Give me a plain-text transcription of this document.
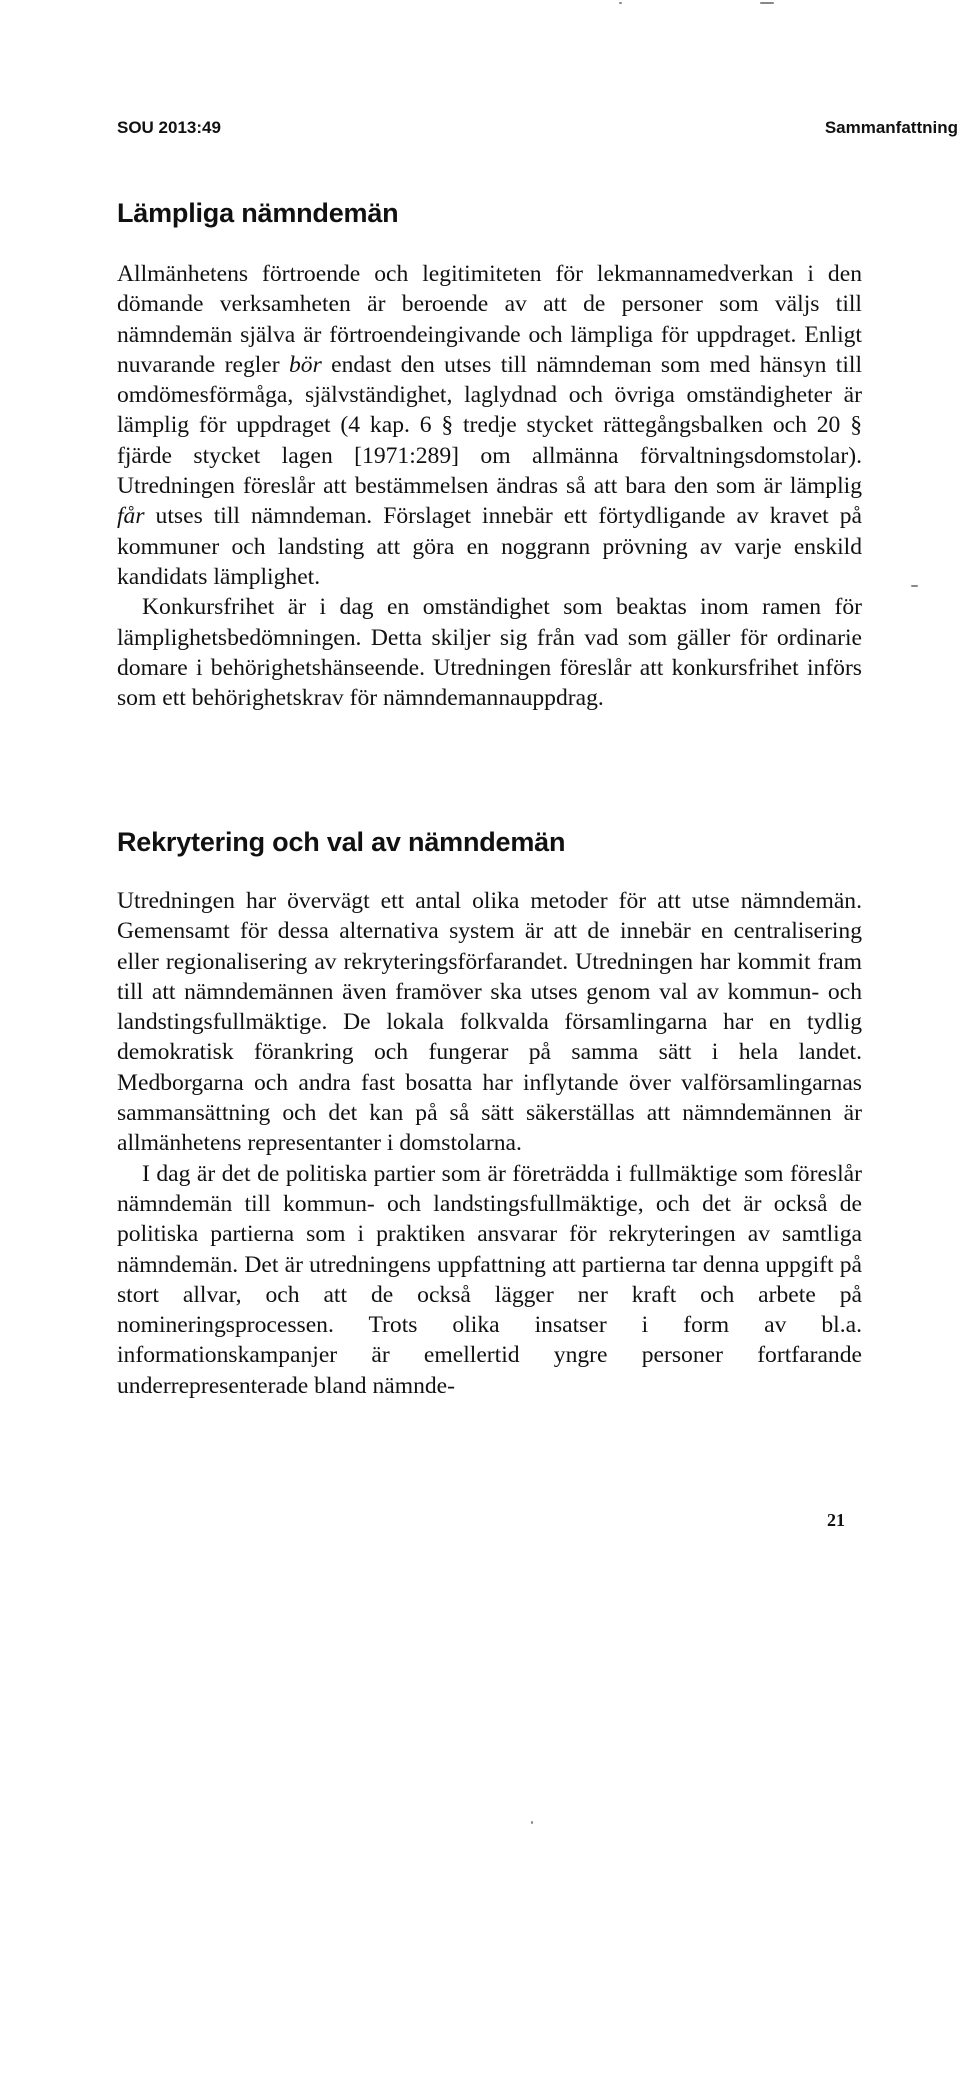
SOU 2013:49	Sammanfattning
Lämpliga nämndemän

Allmänhetens förtroende och legitimiteten för lekmannamedverkan i den dömande verksamheten är beroende av att de personer som väljs till nämndemän själva är förtroendeingivande och lämpliga för uppdraget. Enligt nuvarande regler bör endast den utses till nämndeman som med hänsyn till omdömesförmåga, självständighet, laglydnad och övriga omständigheter är lämplig för uppdraget (4 kap. 6 § tredje stycket rättegångsbalken och 20 § fjärde stycket lagen [1971:289] om allmänna förvaltningsdomstolar). Utredningen föreslår att bestämmelsen ändras så att bara den som är lämplig får utses till nämndeman. Förslaget innebär ett förtydligande av kravet på kommuner och landsting att göra en noggrann prövning av varje enskild kandidats lämplighet.

Konkursfrihet är i dag en omständighet som beaktas inom ramen för lämplighetsbedömningen. Detta skiljer sig från vad som gäller för ordinarie domare i behörighetshänseende. Utredningen föreslår att konkursfrihet införs som ett behörighetskrav för nämndemannauppdrag.

Rekrytering och val av nämndemän

Utredningen har övervägt ett antal olika metoder för att utse nämndemän. Gemensamt för dessa alternativa system är att de innebär en centralisering eller regionalisering av rekryteringsförfarandet. Utredningen har kommit fram till att nämndemännen även framöver ska utses genom val av kommun- och landstingsfullmäktige. De lokala folkvalda församlingarna har en tydlig demokratisk förankring och fungerar på samma sätt i hela landet. Medborgarna och andra fast bosatta har inflytande över valförsamlingarnas sammansättning och det kan på så sätt säkerställas att nämndemännen är allmänhetens representanter i domstolarna.

I dag är det de politiska partier som är företrädda i fullmäktige som föreslår nämndemän till kommun- och landstingsfullmäktige, och det är också de politiska partierna som i praktiken ansvarar för rekryteringen av samtliga nämndemän. Det är utredningens uppfattning att partierna tar denna uppgift på stort allvar, och att de också lägger ner kraft och arbete på nomineringsprocessen. Trots olika insatser i form av bl.a. informationskampanjer är emellertid yngre personer fortfarande underrepresenterade bland nämnde-

21
